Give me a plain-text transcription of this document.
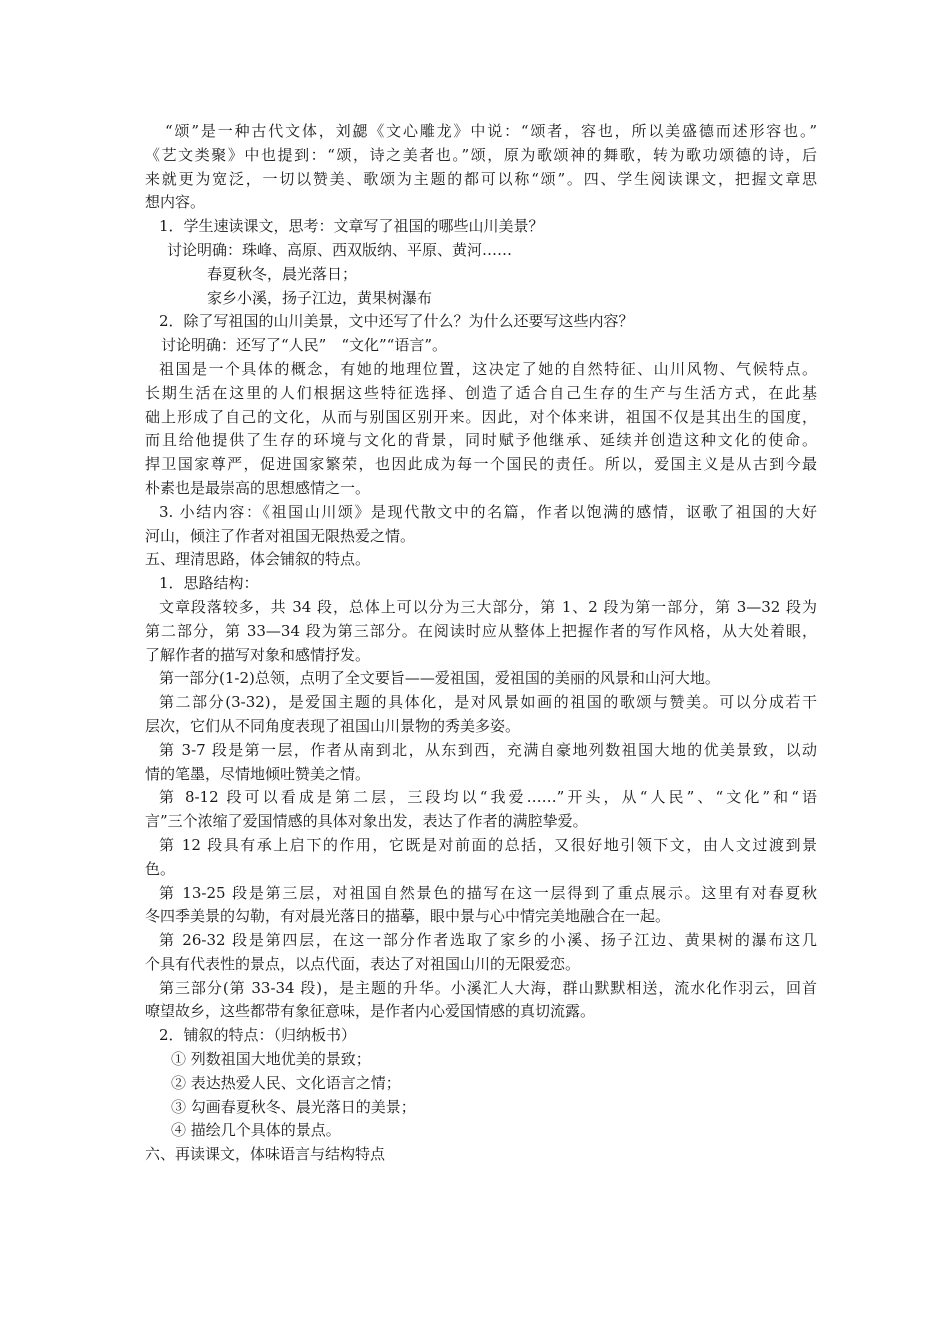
“颂”是一种古代文体，刘勰《文心雕龙》中说：“颂者，容也，所以美盛德而述形容也。”
《艺文类聚》中也提到：“颂，诗之美者也。”颂，原为歌颂神的舞歌，转为歌功颂德的诗，后
来就更为宽泛，一切以赞美、歌颂为主题的都可以称“颂”。四、学生阅读课文，把握文章思
想内容。
1．学生速读课文，思考：文章写了祖国的哪些山川美景？
讨论明确：珠峰、高原、西双版纳、平原、黄河……
春夏秋冬，晨光落日；
家乡小溪，扬子江边，黄果树瀑布
2．除了写祖国的山川美景，文中还写了什么？为什么还要写这些内容？
讨论明确：还写了“人民”　“文化”“语言”。
祖国是一个具体的概念，有她的地理位置，这决定了她的自然特征、山川风物、气候特点。
长期生活在这里的人们根据这些特征选择、创造了适合自己生存的生产与生活方式，在此基
础上形成了自己的文化，从而与别国区别开来。因此，对个体来讲，祖国不仅是其出生的国度，
而且给他提供了生存的环境与文化的背景，同时赋予他继承、延续并创造这种文化的使命。
捍卫国家尊严，促进国家繁荣，也因此成为每一个国民的责任。所以，爱国主义是从古到今最
朴素也是最崇高的思想感情之一。
3. 小结内容：《祖国山川颂》是现代散文中的名篇，作者以饱满的感情，讴歌了祖国的大好
河山，倾注了作者对祖国无限热爱之情。
五、理清思路，体会铺叙的特点。
1．思路结构：
文章段落较多，共 34 段，总体上可以分为三大部分，第 1、2 段为第一部分，第 3—32 段为
第二部分，第 33—34 段为第三部分。在阅读时应从整体上把握作者的写作风格，从大处着眼，
了解作者的描写对象和感情抒发。
第一部分(1-2)总领，点明了全文要旨——爱祖国，爱祖国的美丽的风景和山河大地。
第二部分(3-32)，是爱国主题的具体化，是对风景如画的祖国的歌颂与赞美。可以分成若干
层次，它们从不同角度表现了祖国山川景物的秀美多姿。
第 3-7 段是第一层，作者从南到北，从东到西，充满自豪地列数祖国大地的优美景致，以动
情的笔墨，尽情地倾吐赞美之情。
第 8-12 段可以看成是第二层，三段均以“我爱……”开头，从“人民”、“文化”和“语
言”三个浓缩了爱国情感的具体对象出发，表达了作者的满腔挚爱。
第 12 段具有承上启下的作用，它既是对前面的总括，又很好地引领下文，由人文过渡到景
色。
第 13-25 段是第三层，对祖国自然景色的描写在这一层得到了重点展示。这里有对春夏秋
冬四季美景的勾勒，有对晨光落日的描摹，眼中景与心中情完美地融合在一起。
第 26-32 段是第四层，在这一部分作者选取了家乡的小溪、扬子江边、黄果树的瀑布这几
个具有代表性的景点，以点代面，表达了对祖国山川的无限爱恋。
第三部分(第 33-34 段)，是主题的升华。小溪汇人大海，群山默默相送，流水化作羽云，回首
嘹望故乡，这些都带有象征意味，是作者内心爱国情感的真切流露。
2．铺叙的特点：（归纳板书）
① 列数祖国大地优美的景致；
② 表达热爱人民、文化语言之情；
③ 勾画春夏秋冬、晨光落日的美景；
④ 描绘几个具体的景点。
六、再读课文，体味语言与结构特点
